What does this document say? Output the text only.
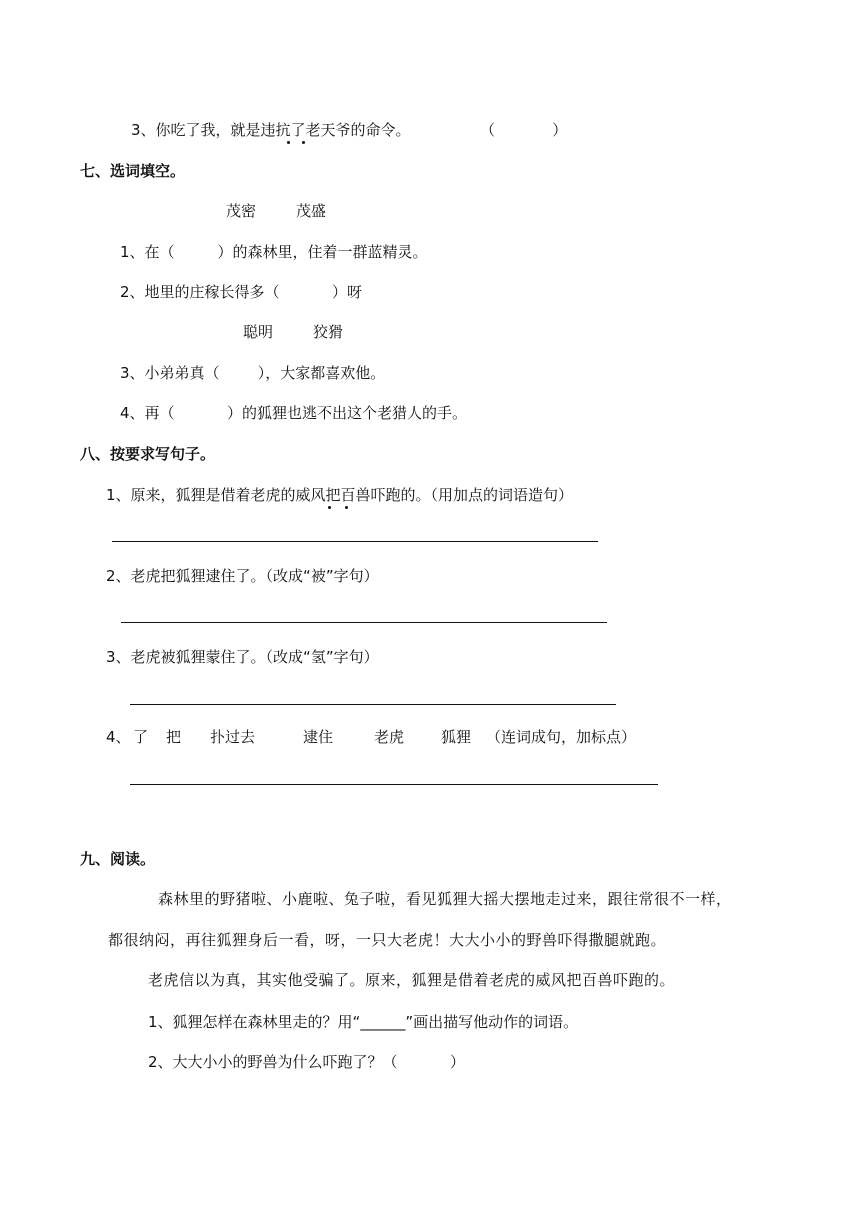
3、你吃了我，就是违抗了老天爷的命令。	（            ）
七、选词填空。
茂密	茂盛
1、在（         ）的森林里，住着一群蓝精灵。
2、地里的庄稼长得多（           ）呀
聪明	狡猾
3、小弟弟真（        ），大家都喜欢他。
4、再（           ）的狐狸也逃不出这个老猎人的手。
八、按要求写句子。
1、原来，狐狸是借着老虎的威风把百兽吓跑的。（用加点的词语造句）
2、老虎把狐狸逮住了。（改成“被”字句）
3、老虎被狐狸蒙住了。（改成“氢”字句）
4、 了 把 扑过去	逮住	老虎 狐狸 （连词成句，加标点）
九、阅读。
森林里的野猪啦、小鹿啦、兔子啦，看见狐狸大摇大摆地走过来，跟往常很不一样，
都很纳闷，再往狐狸身后一看，呀，一只大老虎！大大小小的野兽吓得撒腿就跑。
老虎信以为真，其实他受骗了。原来，狐狸是借着老虎的威风把百兽吓跑的。
1、狐狸怎样在森林里走的？用“______”画出描写他动作的词语。
2、大大小小的野兽为什么吓跑了？（           ）
